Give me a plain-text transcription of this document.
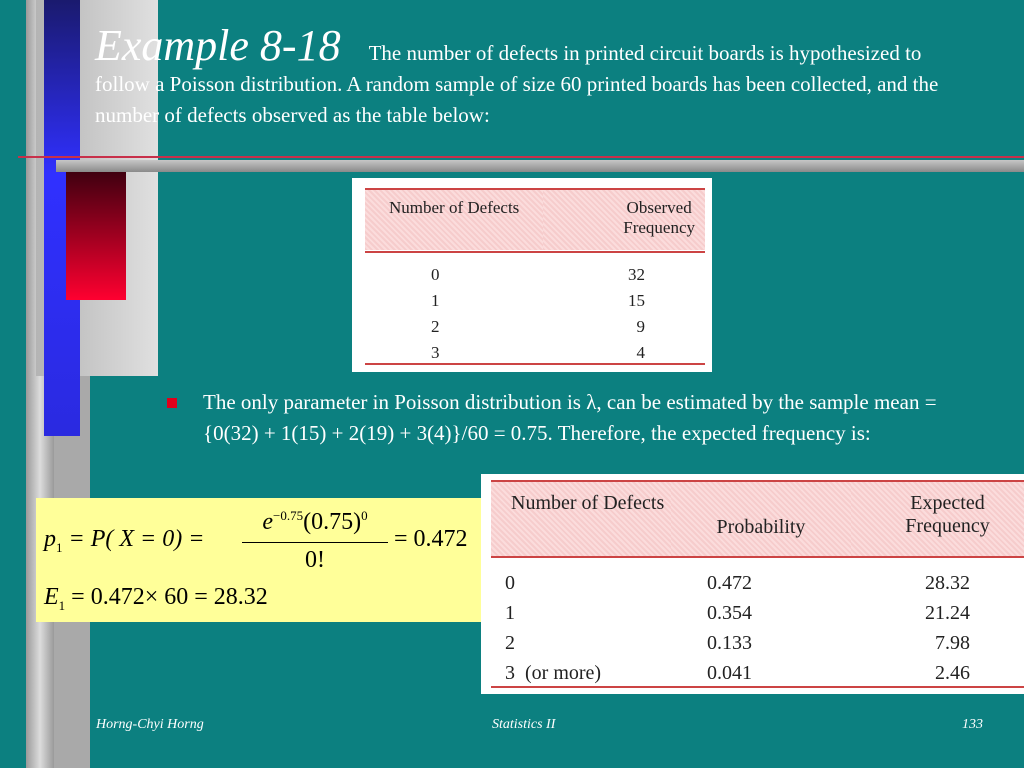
Example 8-18 The number of defects in printed circuit boards is hypothesized to follow a Poisson distribution. A random sample of size 60 printed boards has been collected, and the number of defects observed as the table below:
Number of Defects	Observed Frequency
0	32
1	15
2	9
3	4
The only parameter in Poisson distribution is λ, can be estimated by the sample mean = {0(32) + 1(15) + 2(19) + 3(4)}/60 = 0.75. Therefore, the expected frequency is:
$p_1 = P$( X = 0) =
$e^{-0.75}(0.75)^0$
0!
= 0.472
$E_1 = 0.472\times 60 = 28.32$
Number of Defects	Probability	Expected Frequency
0	0.472	28.32
1	0.354	21.24
2	0.133	7.98
3  (or more)	0.041	2.46
Horng-Chyi Horng	Statistics II	133
